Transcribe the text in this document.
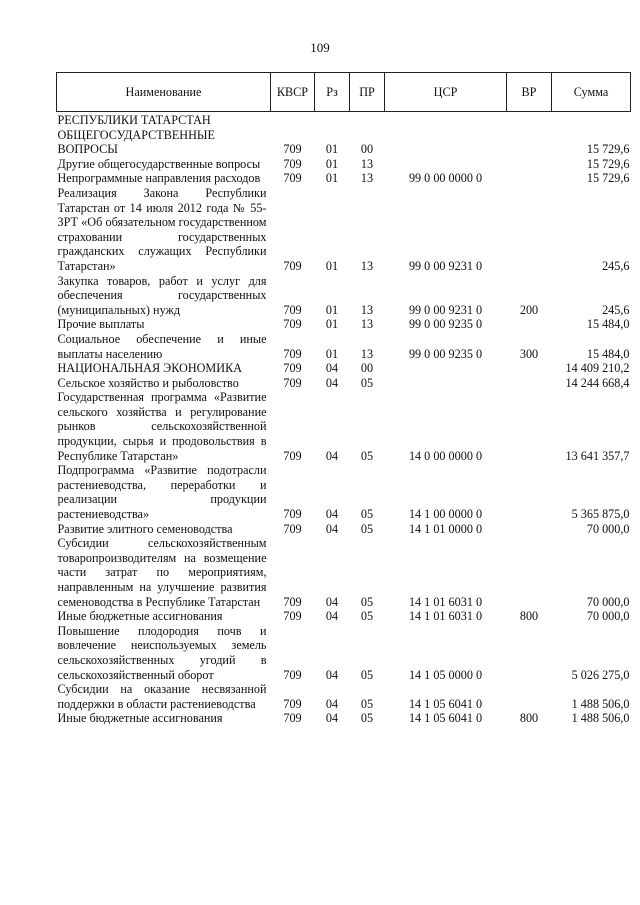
109
Наименование	КВСР	Рз	ПР	ЦСР	ВР	Сумма
РЕСПУБЛИКИ ТАТАРСТАН						
ОБЩЕГОСУДАРСТВЕННЫЕ ВОПРОСЫ	709	01	00			15 729,6
Другие общегосударственные вопросы	709	01	13			15 729,6
Непрограммные направления расходов	709	01	13	99 0 00 0000 0		15 729,6
Реализация Закона Республики Татарстан от 14 июля 2012 года № 55-ЗРТ «Об обязательном государственном страховании государственных гражданских служащих Республики Татарстан»	709	01	13	99 0 00 9231 0		245,6
Закупка товаров, работ и услуг для обеспечения государственных (муниципальных) нужд	709	01	13	99 0 00 9231 0	200	245,6
Прочие выплаты	709	01	13	99 0 00 9235 0		15 484,0
Социальное обеспечение и иные выплаты населению	709	01	13	99 0 00 9235 0	300	15 484,0
НАЦИОНАЛЬНАЯ ЭКОНОМИКА	709	04	00			14 409 210,2
Сельское хозяйство и рыболовство	709	04	05			14 244 668,4
Государственная программа «Развитие сельского хозяйства и регулирование рынков сельскохозяйственной продукции, сырья и продовольствия в Республике Татарстан»	709	04	05	14 0 00 0000 0		13 641 357,7
Подпрограмма «Развитие подотрасли растениеводства, переработки и реализации продукции растениеводства»	709	04	05	14 1 00 0000 0		5 365 875,0
Развитие элитного семеноводства	709	04	05	14 1 01 0000 0		70 000,0
Субсидии сельскохозяйственным товаропроизводителям на возмещение части затрат по мероприятиям, направленным на улучшение развития семеноводства в Республике Татарстан	709	04	05	14 1 01 6031 0		70 000,0
Иные бюджетные ассигнования	709	04	05	14 1 01 6031 0	800	70 000,0
Повышение плодородия почв и вовлечение неиспользуемых земель сельскохозяйственных угодий в сельскохозяйственный оборот	709	04	05	14 1 05 0000 0		5 026 275,0
Субсидии на оказание несвязанной поддержки в области растениеводства	709	04	05	14 1 05 6041 0		1 488 506,0
Иные бюджетные ассигнования	709	04	05	14 1 05 6041 0	800	1 488 506,0
